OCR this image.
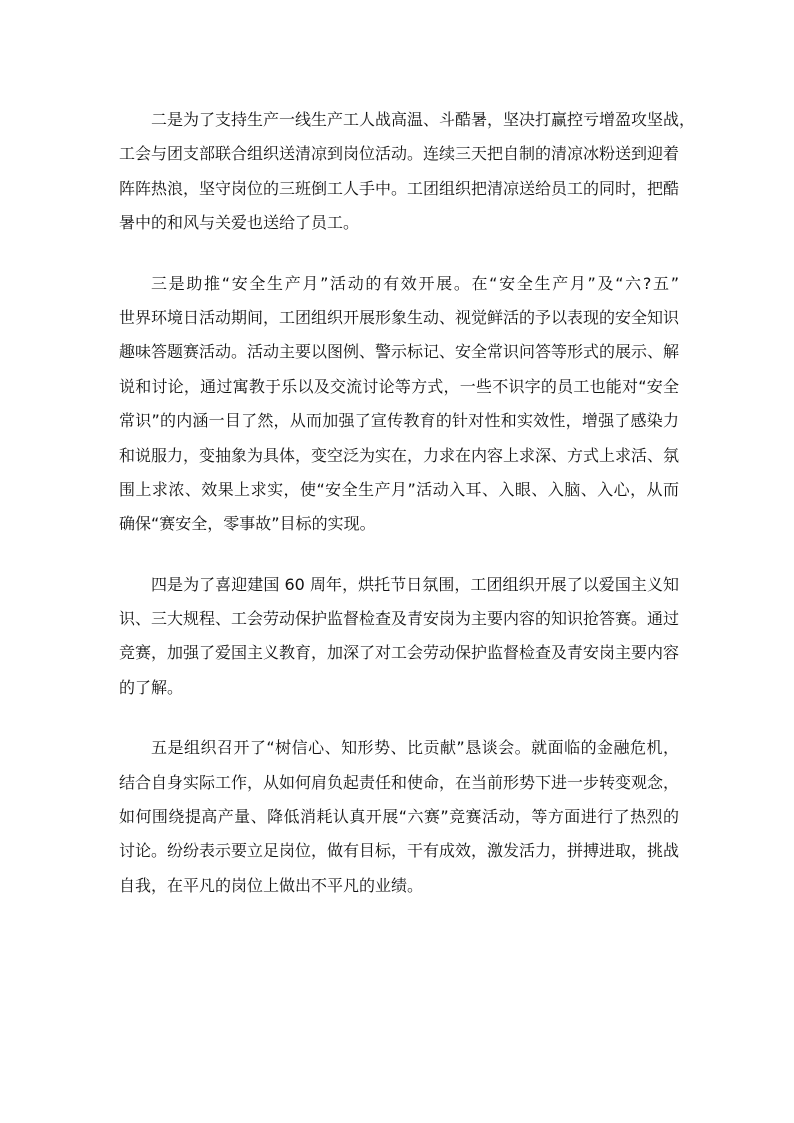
二是为了支持生产一线生产工人战高温、斗酷暑，坚决打赢控亏增盈攻坚战，
工会与团支部联合组织送清凉到岗位活动。连续三天把自制的清凉冰粉送到迎着
阵阵热浪，坚守岗位的三班倒工人手中。工团组织把清凉送给员工的同时，把酷
暑中的和风与关爱也送给了员工。
三是助推“安全生产月”活动的有效开展。在“安全生产月”及“六?五”
世界环境日活动期间，工团组织开展形象生动、视觉鲜活的予以表现的安全知识
趣味答题赛活动。活动主要以图例、警示标记、安全常识问答等形式的展示、解
说和讨论，通过寓教于乐以及交流讨论等方式，一些不识字的员工也能对“安全
常识”的内涵一目了然，从而加强了宣传教育的针对性和实效性，增强了感染力
和说服力，变抽象为具体，变空泛为实在，力求在内容上求深、方式上求活、氛
围上求浓、效果上求实，使“安全生产月”活动入耳、入眼、入脑、入心，从而
确保“赛安全，零事故”目标的实现。
四是为了喜迎建国 60 周年，烘托节日氛围，工团组织开展了以爱国主义知
识、三大规程、工会劳动保护监督检查及青安岗为主要内容的知识抢答赛。通过
竞赛，加强了爱国主义教育，加深了对工会劳动保护监督检查及青安岗主要内容
的了解。
五是组织召开了“树信心、知形势、比贡献”恳谈会。就面临的金融危机，
结合自身实际工作，从如何肩负起责任和使命，在当前形势下进一步转变观念，
如何围绕提高产量、降低消耗认真开展“六赛”竞赛活动，等方面进行了热烈的
讨论。纷纷表示要立足岗位，做有目标，干有成效，激发活力，拼搏进取，挑战
自我，在平凡的岗位上做出不平凡的业绩。
